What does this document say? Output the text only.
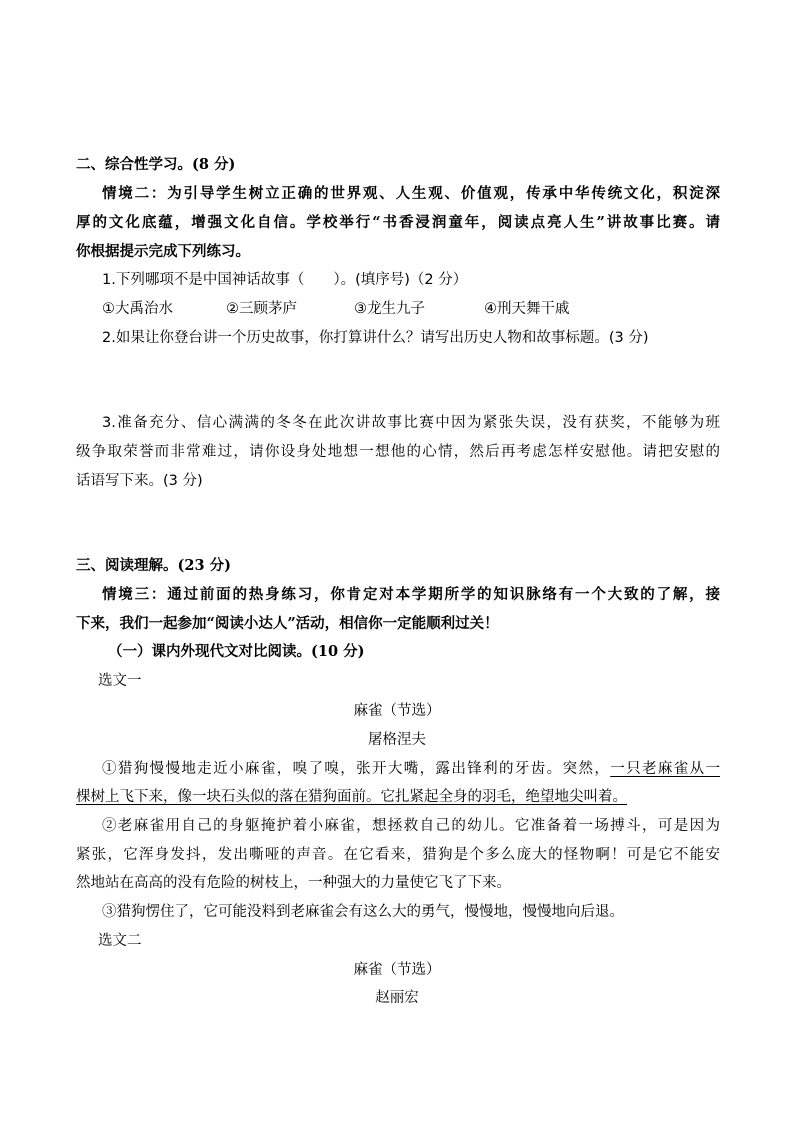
二、综合性学习。(8 分)
情境二：为引导学生树立正确的世界观、人生观、价值观，传承中华传统文化，积淀深
厚的文化底蕴，增强文化自信。学校举行“书香浸润童年，阅读点亮人生”讲故事比赛。请
你根据提示完成下列练习。
1.下列哪项不是中国神话故事（　　）。(填序号)（2 分）
①大禹治水	②三顾茅庐	③龙生九子	④刑天舞干戚
2.如果让你登台讲一个历史故事，你打算讲什么？请写出历史人物和故事标题。(3 分)
3.准备充分、信心满满的冬冬在此次讲故事比赛中因为紧张失误，没有获奖，不能够为班
级争取荣誉而非常难过，请你设身处地想一想他的心情，然后再考虑怎样安慰他。请把安慰的
话语写下来。(3 分)
三、阅读理解。(23 分)
情境三：通过前面的热身练习，你肯定对本学期所学的知识脉络有一个大致的了解，接
下来，我们一起参加“阅读小达人”活动，相信你一定能顺利过关！
（一）课内外现代文对比阅读。(10 分)
选文一
麻雀（节选）
屠格涅夫
①猎狗慢慢地走近小麻雀，嗅了嗅，张开大嘴，露出锋利的牙齿。突然，一只老麻雀从一
棵树上飞下来，像一块石头似的落在猎狗面前。它扎紧起全身的羽毛，绝望地尖叫着。
②老麻雀用自己的身躯掩护着小麻雀，想拯救自己的幼儿。它准备着一场搏斗，可是因为
紧张，它浑身发抖，发出嘶哑的声音。在它看来，猎狗是个多么庞大的怪物啊！可是它不能安
然地站在高高的没有危险的树枝上，一种强大的力量使它飞了下来。
③猎狗愣住了，它可能没料到老麻雀会有这么大的勇气，慢慢地，慢慢地向后退。
选文二
麻雀（节选）
赵丽宏
